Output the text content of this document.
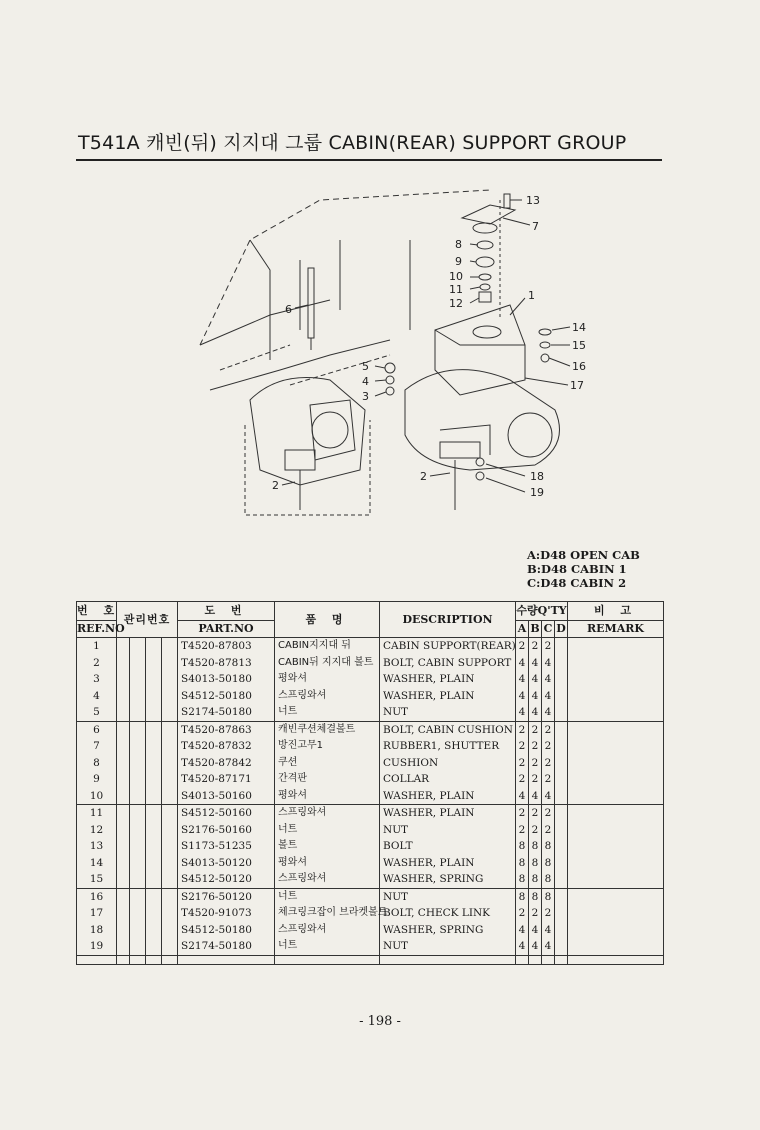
T541A 캐빈(뒤) 지지대 그룹 CABIN(REAR) SUPPORT GROUP
13
7
8
9
10
11
12
1
14
15
16
17
6
5
4
3
2	18
19
2
A:D48 OPEN CAB
B:D48 CABIN 1
C:D48 CABIN 2
번 호	관리번호				도 번	품 명	DESCRIPTION	수량Q'TY				비 고
REF.NO					PART.NO			A	B	C	D	REMARK
1					T4520-87803	CABIN지지대 뒤	CABIN SUPPORT(REAR)	2	2	2		
2					T4520-87813	CABIN뒤 지지대 볼트	BOLT, CABIN SUPPORT	4	4	4		
3					S4013-50180	평와셔	WASHER, PLAIN	4	4	4		
4					S4512-50180	스프링와셔	WASHER, PLAIN	4	4	4		
5					S2174-50180	너트	NUT	4	4	4		
6					T4520-87863	캐빈쿠션체결볼트	BOLT, CABIN CUSHION	2	2	2		
7					T4520-87832	방진고무1	RUBBER1, SHUTTER	2	2	2		
8					T4520-87842	쿠션	CUSHION	2	2	2		
9					T4520-87171	간격판	COLLAR	2	2	2		
10					S4013-50160	평와셔	WASHER, PLAIN	4	4	4		
11					S4512-50160	스프링와셔	WASHER, PLAIN	2	2	2		
12					S2176-50160	너트	NUT	2	2	2		
13					S1173-51235	볼트	BOLT	8	8	8		
14					S4013-50120	평와셔	WASHER, PLAIN	8	8	8		
15					S4512-50120	스프링와셔	WASHER, SPRING	8	8	8		
16					S2176-50120	너트	NUT	8	8	8		
17					T4520-91073	체크링크잡이 브라켓볼트	BOLT, CHECK LINK	2	2	2		
18					S4512-50180	스프링와셔	WASHER, SPRING	4	4	4		
19					S2174-50180	너트	NUT	4	4	4		

- 198 -
